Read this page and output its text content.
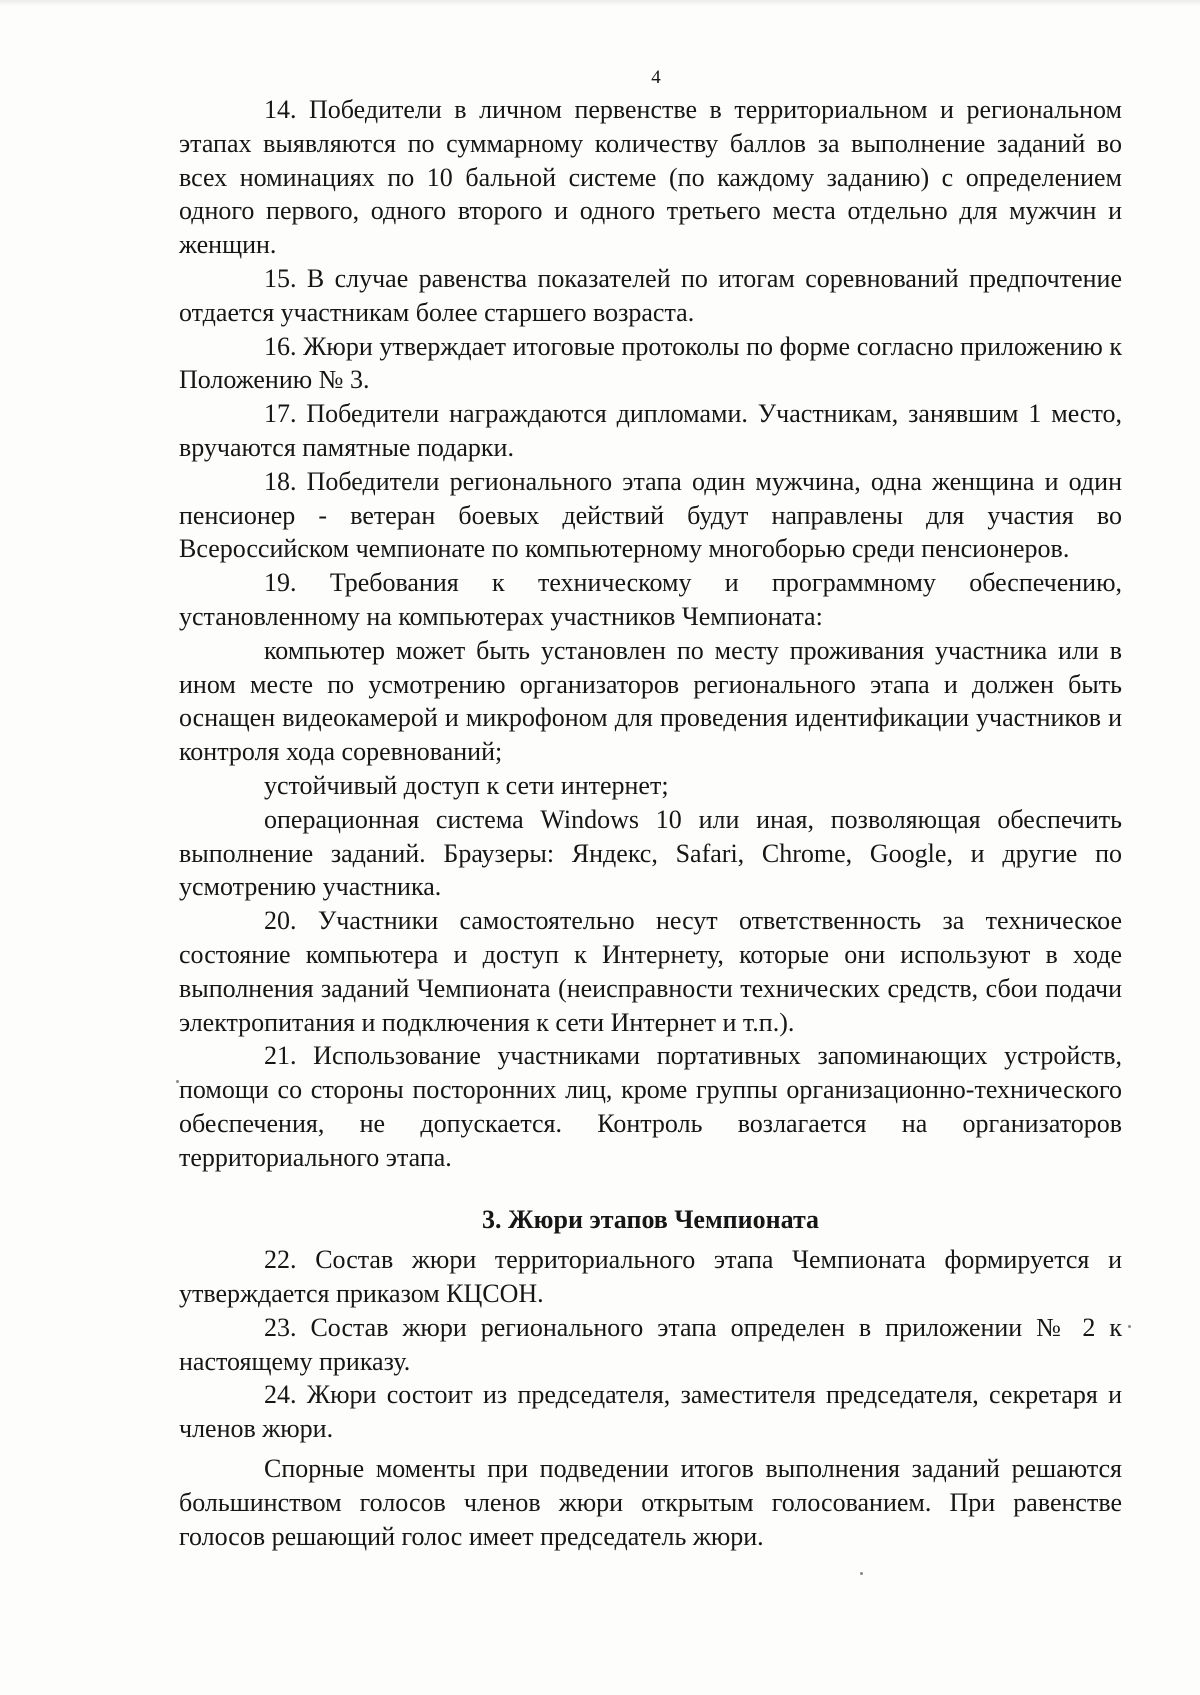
4

14. Победители в личном первенстве в территориальном и региональном этапах выявляются по суммарному количеству баллов за выполнение заданий во всех номинациях по 10 бальной системе (по каждому заданию) с определением одного первого, одного второго и одного третьего места отдельно для мужчин и женщин.

15. В случае равенства показателей по итогам соревнований предпочтение отдается участникам более старшего возраста.

16. Жюри утверждает итоговые протоколы по форме согласно приложению к Положению № 3.

17. Победители награждаются дипломами. Участникам, занявшим 1 место, вручаются памятные подарки.

18. Победители регионального этапа один мужчина, одна женщина и один пенсионер - ветеран боевых действий будут направлены для участия во Всероссийском чемпионате по компьютерному многоборью среди пенсионеров.

19. Требования к техническому и программному обеспечению, установленному на компьютерах участников Чемпионата:

компьютер может быть установлен по месту проживания участника или в ином месте по усмотрению организаторов регионального этапа и должен быть оснащен видеокамерой и микрофоном для проведения идентификации участников и контроля хода соревнований;

устойчивый доступ к сети интернет;

операционная система Windows 10 или иная, позволяющая обеспечить выполнение заданий. Браузеры: Яндекс, Safari, Chrome, Google, и другие по усмотрению участника.

20. Участники самостоятельно несут ответственность за техническое состояние компьютера и доступ к Интернету, которые они используют в ходе выполнения заданий Чемпионата (неисправности технических средств, сбои подачи электропитания и подключения к сети Интернет и т.п.).

21. Использование участниками портативных запоминающих устройств, помощи со стороны посторонних лиц, кроме группы организационно-технического обеспечения, не допускается. Контроль возлагается на организаторов территориального этапа.

3. Жюри этапов Чемпионата

22. Состав жюри территориального этапа Чемпионата формируется и утверждается приказом КЦСОН.

23. Состав жюри регионального этапа определен в приложении № 2 к настоящему приказу.

24. Жюри состоит из председателя, заместителя председателя, секретаря и членов жюри.

Спорные моменты при подведении итогов выполнения заданий решаются большинством голосов членов жюри открытым голосованием. При равенстве голосов решающий голос имеет председатель жюри.
